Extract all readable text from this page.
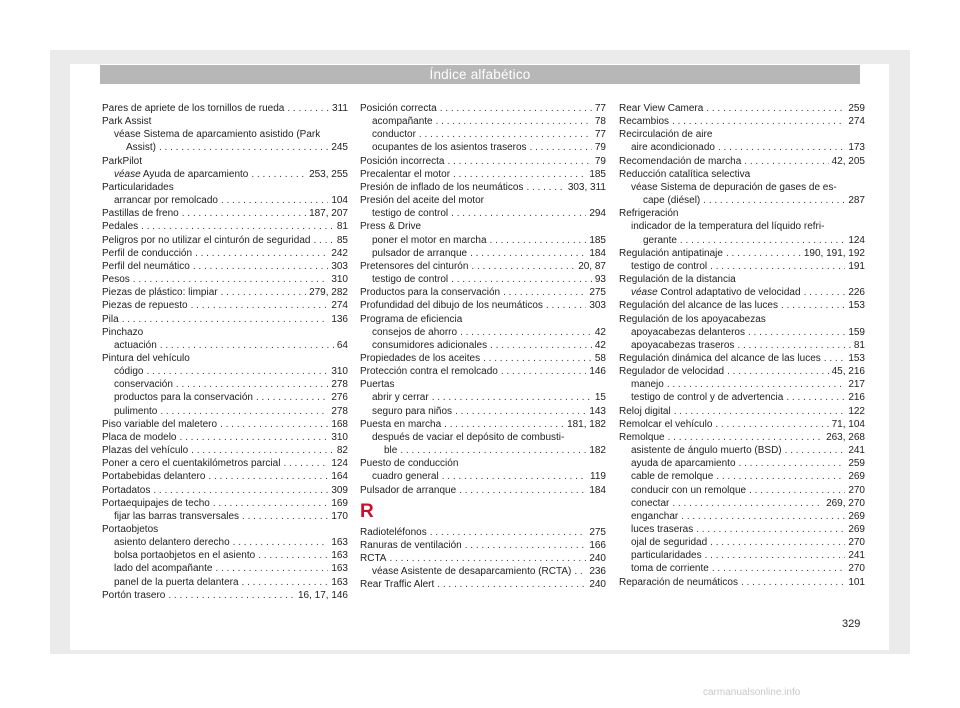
Índice alfabético
Pares de apriete de los tornillos de rueda . . .	311
Park Assist
véase Sistema de aparcamiento asistido (Park
Assist) . . .	245
ParkPilot
véase Ayuda de aparcamiento . . .	253, 255
Particularidades
arrancar por remolcado . . .	104
Pastillas de freno . . .	187, 207
Pedales . . .	81
Peligros por no utilizar el cinturón de seguridad . . .	85
Perfil de conducción . . .	242
Perfil del neumático . . .	303
Pesos . . .	310
Piezas de plástico: limpiar . . .	279, 282
Piezas de repuesto . . .	274
Pila . . .	136
Pinchazo
actuación . . .	64
Pintura del vehículo
código . . .	310
conservación . . .	278
productos para la conservación . . .	276
pulimento . . .	278
Piso variable del maletero . . .	168
Placa de modelo . . .	310
Plazas del vehículo . . .	82
Poner a cero el cuentakilómetros parcial . . .	124
Portabebidas delantero . . .	164
Portadatos . . .	309
Portaequipajes de techo . . .	169
fijar las barras transversales . . .	170
Portaobjetos
asiento delantero derecho . . .	163
bolsa portaobjetos en el asiento . . .	163
lado del acompañante . . .	163
panel de la puerta delantera . . .	163
Portón trasero . . .	16, 17, 146
Posición correcta . . .	77
acompañante . . .	78
conductor . . .	77
ocupantes de los asientos traseros . . .	79
Posición incorrecta . . .	79
Precalentar el motor . . .	185
Presión de inflado de los neumáticos . . .	303, 311
Presión del aceite del motor
testigo de control . . .	294
Press & Drive
poner el motor en marcha . . .	185
pulsador de arranque . . .	184
Pretensores del cinturón . . .	20, 87
testigo de control . . .	93
Productos para la conservación . . .	275
Profundidad del dibujo de los neumáticos . . .	303
Programa de eficiencia
consejos de ahorro . . .	42
consumidores adicionales . . .	42
Propiedades de los aceites . . .	58
Protección contra el remolcado . . .	146
Puertas
abrir y cerrar . . .	15
seguro para niños . . .	143
Puesta en marcha . . .	181, 182
después de vaciar el depósito de combusti-
ble . . .	182
Puesto de conducción
cuadro general . . .	119
Pulsador de arranque . . .	184
R
Radioteléfonos . . .	275
Ranuras de ventilación . . .	166
RCTA . . .	240
véase Asistente de desaparcamiento (RCTA) . . . 236
Rear Traffic Alert . . .	240
Rear View Camera . . .	259
Recambios . . .	274
Recirculación de aire
aire acondicionado . . .	173
Recomendación de marcha . . .	42, 205
Reducción catalítica selectiva
véase Sistema de depuración de gases de es-
cape (diésel) . . .	287
Refrigeración
indicador de la temperatura del líquido refri-
gerante . . .	124
Regulación antipatinaje . . .	190, 191, 192
testigo de control . . .	191
Regulación de la distancia
véase Control adaptativo de velocidad . . .	226
Regulación del alcance de las luces . . .	153
Regulación de los apoyacabezas
apoyacabezas delanteros . . .	159
apoyacabezas traseros . . .	81
Regulación dinámica del alcance de las luces . . .	153
Regulador de velocidad . . .	45, 216
manejo . . .	217
testigo de control y de advertencia . . .	216
Reloj digital . . .	122
Remolcar el vehículo . . .	71, 104
Remolque . . .	263, 268
asistente de ángulo muerto (BSD) . . .	241
ayuda de aparcamiento . . .	259
cable de remolque . . .	269
conducir con un remolque . . .	270
conectar . . .	269, 270
enganchar . . .	269
luces traseras . . .	269
ojal de seguridad . . .	270
particularidades . . .	241
toma de corriente . . .	270
Reparación de neumáticos . . .	101
329
carmanualsonline.info
